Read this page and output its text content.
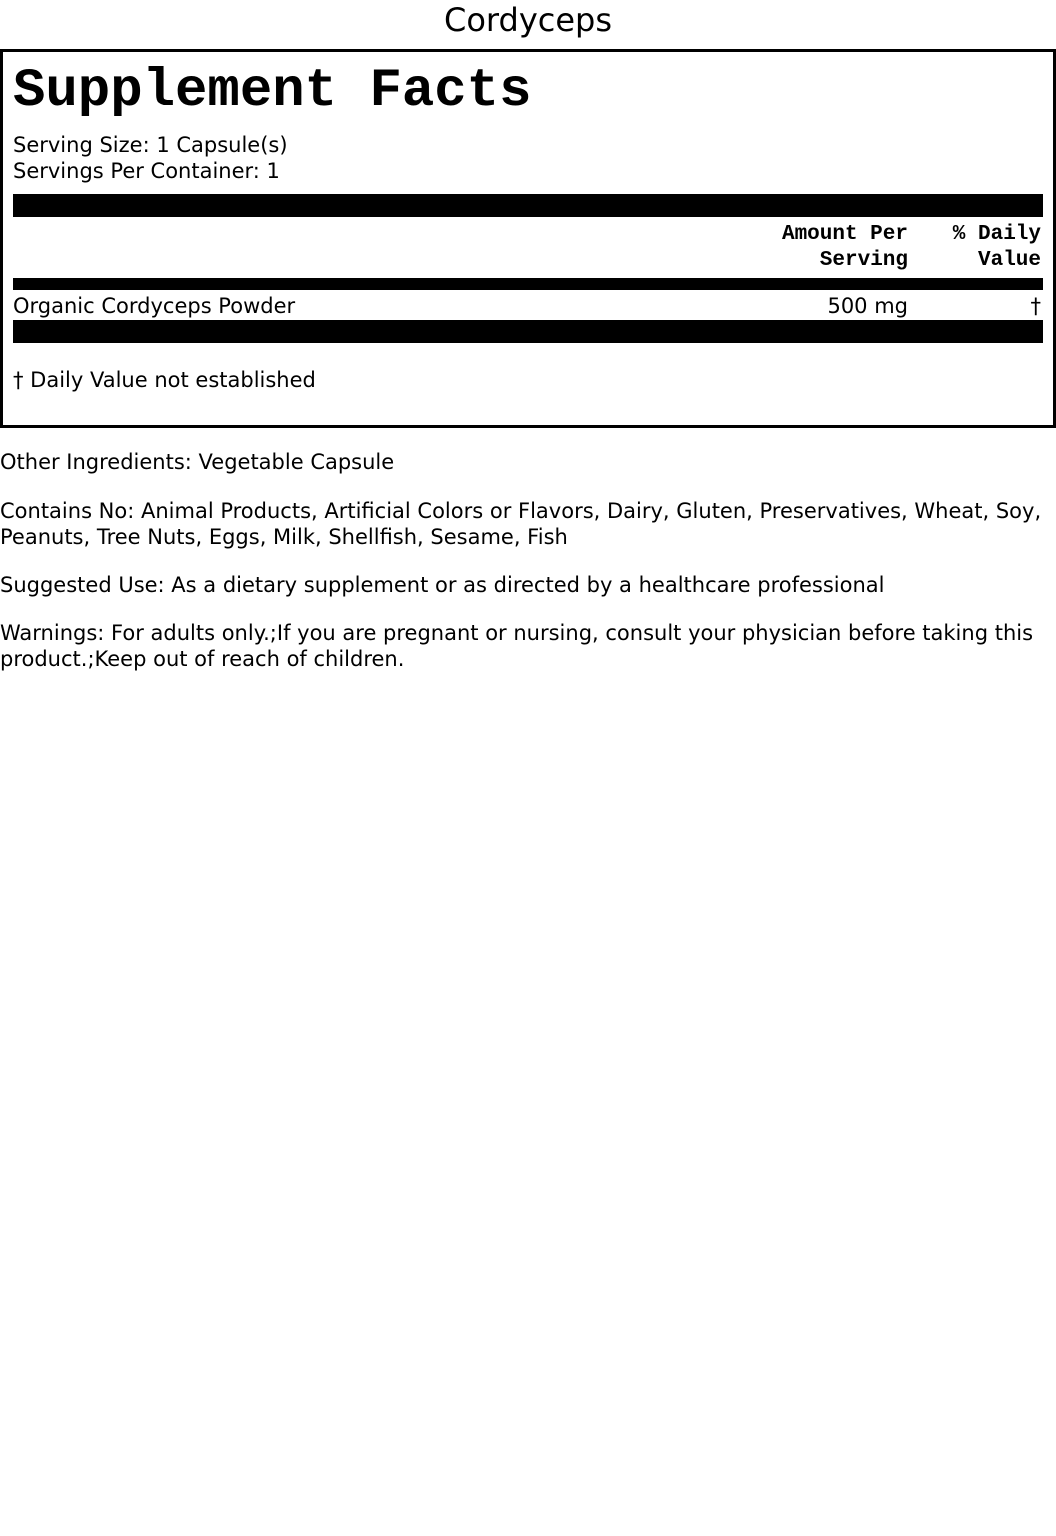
Cordyceps
Supplement Facts
Serving Size: 1 Capsule(s)
Servings Per Container: 1
Amount Per
Serving
% Daily
Value
Organic Cordyceps Powder	500 mg	†
† Daily Value not established

Other Ingredients: Vegetable Capsule

Contains No: Animal Products, Artificial Colors or Flavors, Dairy, Gluten, Preservatives, Wheat, Soy, Peanuts, Tree Nuts, Eggs, Milk, Shellfish, Sesame, Fish

Suggested Use: As a dietary supplement or as directed by a healthcare professional

Warnings: For adults only.;If you are pregnant or nursing, consult your physician before taking this product.;Keep out of reach of children.
